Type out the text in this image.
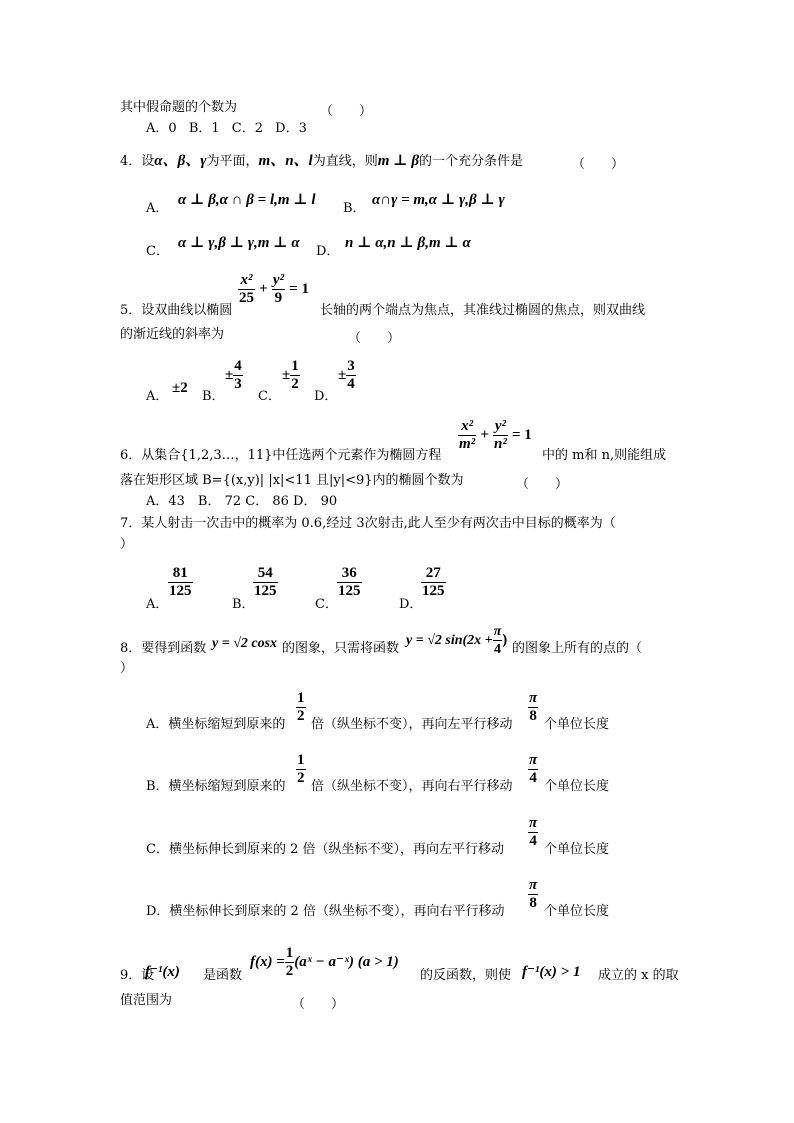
其中假命题的个数为	（　　）
A．0 B．1 C．2 D．3
4．设α、β、γ为平面，m、n、l为直线，则m ⊥ β的一个充分条件是	（　　）
A．
α ⊥ β,α ∩ β = l,m ⊥ l
B．
α∩γ = m,α ⊥ γ,β ⊥ γ
C．
α ⊥ γ,β ⊥ γ,m ⊥ α
D．
n ⊥ α,n ⊥ β,m ⊥ α
5．设双曲线以椭圆
$\frac{\text{x²}}{25} + \frac{\text{y²}}{9} = 1$
长轴的两个端点为焦点，其准线过椭圆的焦点，则双曲线
的渐近线的斜率为	（　　）
A．
±2
B．
± $\frac{4}{3}$
C．
± $\frac{1}{2}$
D．
± $\frac{3}{4}$
6．从集合{1,2,3…，11}中任选两个元素作为椭圆方程
$\frac{\text{x²}}{\text{m²}} + \frac{\text{y²}}{\text{n²}} = 1$
中的 m和 n,则能组成
落在矩形区域 B={(x,y)| |x|<11 且|y|<9}内的椭圆个数为	（　　）
A．43　B． 72 C． 86 D． 90
7．某人射击一次击中的概率为 0.6,经过 3次射击,此人至少有两次击中目标的概率为（
）
A．
$\frac{81}{125}$
B．
$\frac{54}{125}$
C．
$\frac{36}{125}$
D．
$\frac{27}{125}$
8．要得到函数 y = √2 cosx 的图象，只需将函数
y = √2 $\sin(2x + \frac{\pi}{4}$ )
的图象上所有的点的（
）
A．横坐标缩短到原来的 $\frac{1}{2}$ 倍（纵坐标不变），再向左平行移动 $\frac{\pi}{8}$ 个单位长度
B．横坐标缩短到原来的 $\frac{1}{2}$ 倍（纵坐标不变），再向右平行移动 $\frac{\pi}{4}$ 个单位长度
C．横坐标伸长到原来的 2 倍（纵坐标不变），再向左平行移动 $\frac{\pi}{4}$ 个单位长度
D．横坐标伸长到原来的 2 倍（纵坐标不变），再向右平行移动 $\frac{\pi}{8}$ 个单位长度
9．设
f⁻¹(x) 是函数
$f(x) = \frac{1}{2}$ (aˣ − a⁻ˣ) (a > 1)
的反函数，则使 f⁻¹(x) > 1 成立的 x 的取
值范围为	（　　）
